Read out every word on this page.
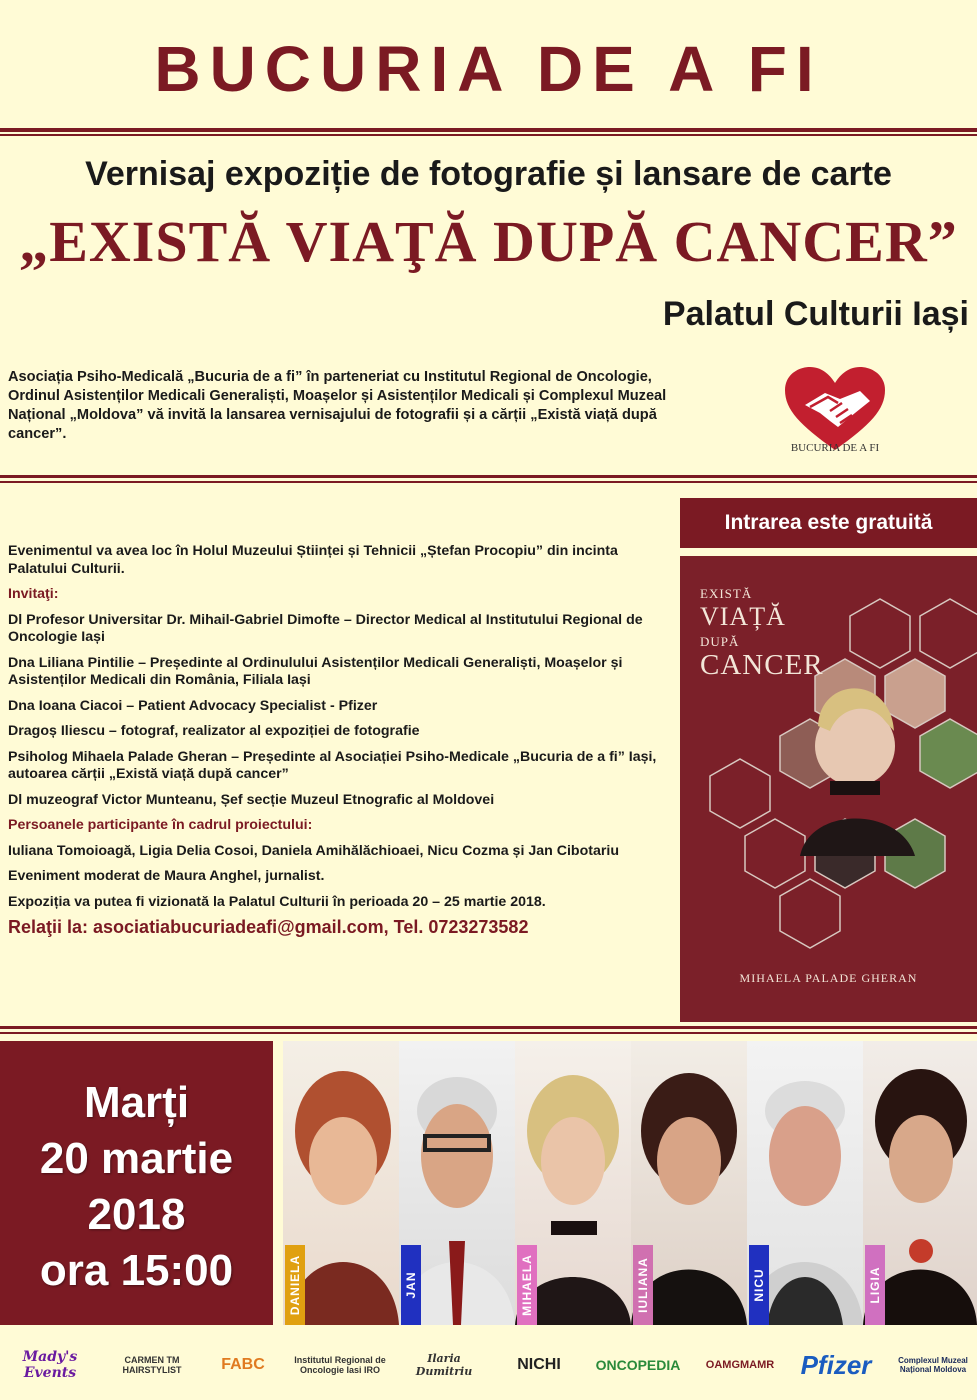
BUCURIA DE A FI
Vernisaj expoziție de fotografie și lansare de carte
„EXISTĂ VIAŢĂ DUPĂ CANCER”
Palatul Culturii Iași
Asociația Psiho-Medicală „Bucuria de a fi” în parteneriat cu Institutul Regional de Oncologie, Ordinul Asistenților Medicali Generaliști, Moașelor și Asistenților Medicali și Complexul Muzeal Național „Moldova” vă invită la lansarea vernisajului de fotografii și a cărții „Există viață după cancer”.
BUCURIA DE A FI
Intrarea este gratuită
EXISTĂ
VIAȚĂ
DUPĂ
CANCER
MIHAELA PALADE GHERAN

Evenimentul va avea loc în Holul Muzeului Științei și Tehnicii „Ștefan Procopiu” din incinta Palatului Culturii.

Invitaţi:

Dl Profesor Universitar Dr. Mihail-Gabriel Dimofte – Director Medical al Institutului Regional de Oncologie Iași

Dna Liliana Pintilie – Președinte al Ordinulului Asistenților Medicali Generaliști, Moașelor și Asistenților Medicali din România, Filiala Iași

Dna Ioana Ciacoi – Patient Advocacy Specialist - Pfizer

Dragoș Iliescu – fotograf, realizator al expoziției de fotografie

Psiholog Mihaela Palade Gheran – Președinte al Asociației Psiho-Medicale „Bucuria de a fi” Iași, autoarea cărții „Există viață după cancer”

Dl muzeograf Victor Munteanu, Șef secție Muzeul Etnografic al Moldovei

Persoanele participante în cadrul proiectului:

Iuliana Tomoioagă, Ligia Delia Cosoi, Daniela Amihălăchioaei, Nicu Cozma și Jan Cibotariu

Eveniment moderat de Maura Anghel, jurnalist.

Expoziția va putea fi vizionată la Palatul Culturii în perioada 20 – 25 martie 2018.

Relaţii la: asociatiabucuriadeafi@gmail.com, Tel. 0723273582

Marți
20 martie
2018
ora 15:00	DANIELA	JAN	MIHAELA	IULIANA	NICU	LIGIA
Mady's Events
CARMEN TM HAIRSTYLIST	FABC	Institutul Regional de Oncologie Iasi IRO
Ilaria Dumitriu	NICHI	ONCOPEDIA	OAMGMAMR	Pfizer	Complexul Muzeal Național Moldova
